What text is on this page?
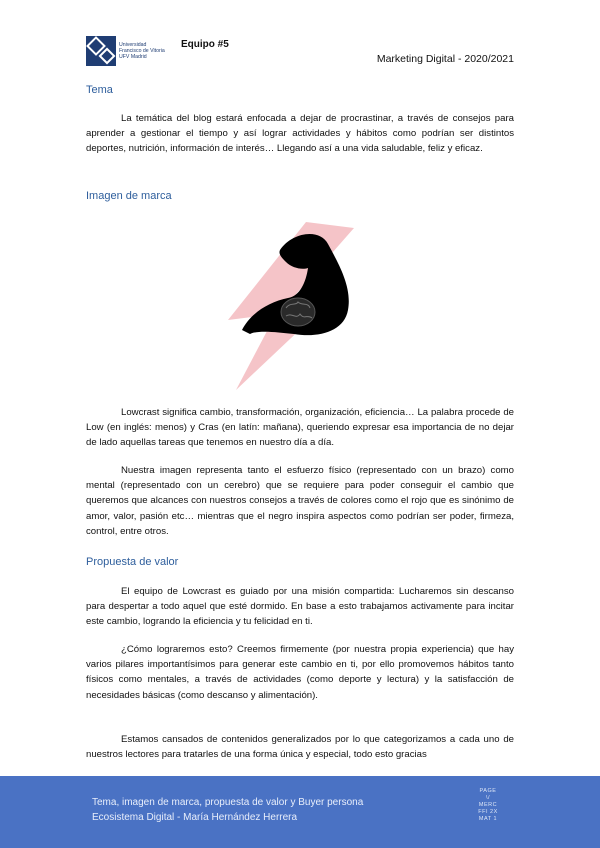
Universidad
Francisco de Vitoria
UFV Madrid
Equipo #5
Marketing Digital - 2020/2021
Tema

La temática del blog estará enfocada a dejar de procrastinar, a través de consejos para aprender a gestionar el tiempo y así lograr actividades y hábitos como podrían ser distintos deportes, nutrición, información de interés… Llegando así a una vida saludable, feliz y eficaz.

Imagen de marca

Lowcrast significa cambio, transformación, organización, eficiencia… La palabra procede de Low (en inglés: menos) y Cras (en latín: mañana), queriendo expresar esa importancia de no dejar de lado aquellas tareas que tenemos en nuestro día a día.

Nuestra imagen representa tanto el esfuerzo físico (representado con un brazo) como mental (representado con un cerebro) que se requiere para poder conseguir el cambio que queremos que alcances con nuestros consejos a través de colores como el rojo que es sinónimo de amor, valor, pasión etc… mientras que el negro inspira aspectos como podrían ser poder, firmeza, control, entre otros.

Propuesta de valor

El equipo de Lowcrast es guiado por una misión compartida: Lucharemos sin descanso para despertar a todo aquel que esté dormido. En base a esto trabajamos activamente para incitar este cambio, logrando la eficiencia y tu felicidad en ti.

¿Cómo lograremos esto? Creemos firmemente (por nuestra propia experiencia) que hay varios pilares importantísimos para generar este cambio en ti, por ello promovemos hábitos tanto físicos como mentales, a través de actividades (como deporte y lectura) y la satisfacción de necesidades básicas (como descanso y alimentación).

Estamos cansados de contenidos generalizados por lo que categorizamos a cada uno de nuestros lectores para tratarles de una forma única y especial, todo esto gracias

Tema, imagen de marca, propuesta de valor y Buyer persona
Ecosistema Digital - María Hernández Herrera
PAGE
\/
MERC
FFI 2X
MAT 1
